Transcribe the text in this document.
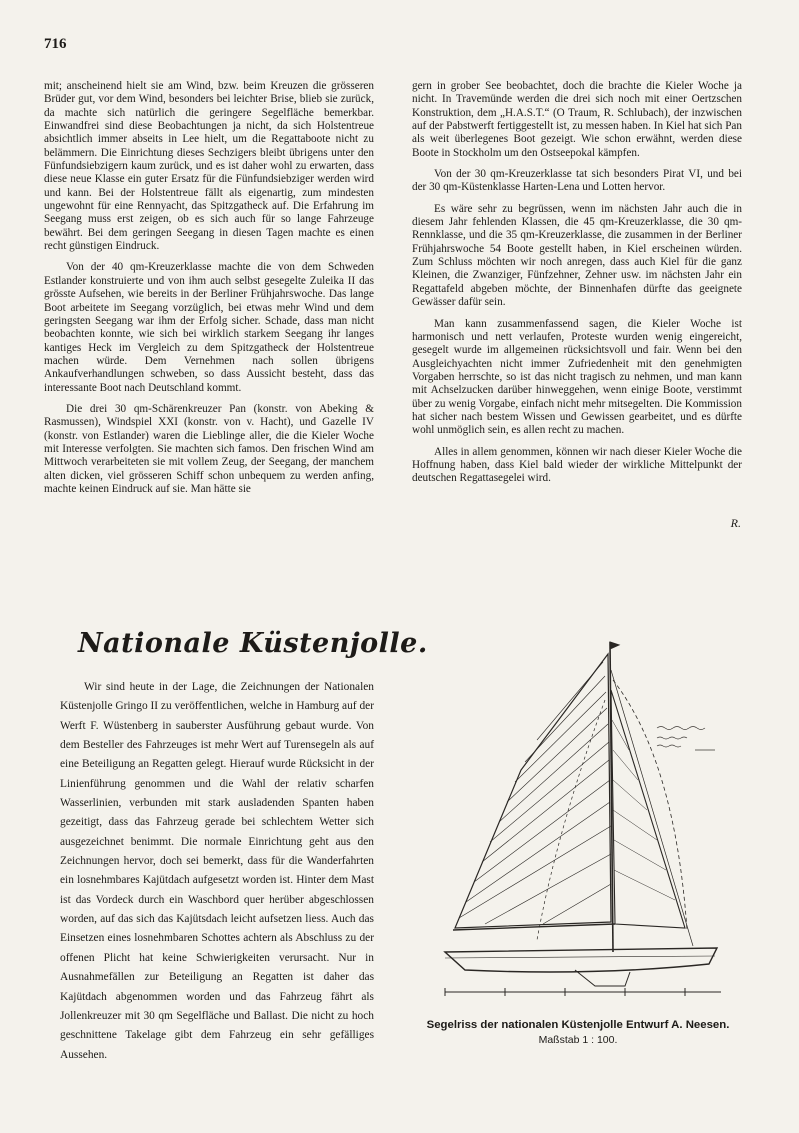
716

mit; anscheinend hielt sie am Wind, bzw. beim Kreuzen die grösseren Brüder gut, vor dem Wind, besonders bei leichter Brise, blieb sie zurück, da machte sich natürlich die geringere Segelfläche bemerkbar. Einwandfrei sind diese Beobachtungen ja nicht, da sich Holstentreue absichtlich immer abseits in Lee hielt, um die Regattaboote nicht zu belämmern. Die Einrichtung dieses Sechzigers bleibt übrigens unter den Fünfundsiebzigern kaum zurück, und es ist daher wohl zu erwarten, dass diese neue Klasse ein guter Ersatz für die Fünfundsiebziger werden wird und kann. Bei der Holstentreue fällt als eigenartig, zum mindesten ungewohnt für eine Rennyacht, das Spitzgatheck auf. Die Erfahrung im Seegang muss erst zeigen, ob es sich auch für so lange Fahrzeuge bewährt. Bei dem geringen Seegang in diesen Tagen machte es einen recht günstigen Eindruck.

Von der 40 qm-Kreuzerklasse machte die von dem Schweden Estlander konstruierte und von ihm auch selbst gesegelte Zuleika II das grösste Aufsehen, wie bereits in der Berliner Frühjahrswoche. Das lange Boot arbeitete im Seegang vorzüglich, bei etwas mehr Wind und dem geringsten Seegang war ihm der Erfolg sicher. Schade, dass man nicht beobachten konnte, wie sich bei wirklich starkem Seegang ihr langes kantiges Heck im Vergleich zu dem Spitzgatheck der Holstentreue machen würde. Dem Vernehmen nach sollen übrigens Ankaufverhandlungen schweben, so dass Aussicht besteht, dass das interessante Boot nach Deutschland kommt.

Die drei 30 qm-Schärenkreuzer Pan (konstr. von Abeking & Rasmussen), Windspiel XXI (konstr. von v. Hacht), und Gazelle IV (konstr. von Estlander) waren die Lieblinge aller, die die Kieler Woche mit Interesse verfolgten. Sie machten sich famos. Den frischen Wind am Mittwoch verarbeiteten sie mit vollem Zeug, der Seegang, der manchem alten dicken, viel grösseren Schiff schon unbequem zu werden anfing, machte keinen Eindruck auf sie. Man hätte sie

gern in grober See beobachtet, doch die brachte die Kieler Woche ja nicht. In Travemünde werden die drei sich noch mit einer Oertzschen Konstruktion, dem „H.A.S.T.“ (O Traum, R. Schlubach), der inzwischen auf der Pabstwerft fertiggestellt ist, zu messen haben. In Kiel hat sich Pan als weit überlegenes Boot gezeigt. Wie schon erwähnt, werden diese Boote in Stockholm um den Ostseepokal kämpfen.

Von der 30 qm-Kreuzerklasse tat sich besonders Pirat VI, und bei der 30 qm-Küstenklasse Harten-Lena und Lotten hervor.

Es wäre sehr zu begrüssen, wenn im nächsten Jahr auch die in diesem Jahr fehlenden Klassen, die 45 qm-Kreuzerklasse, die 30 qm-Rennklasse, und die 35 qm-Kreuzerklasse, die zusammen in der Berliner Frühjahrswoche 54 Boote gestellt haben, in Kiel erscheinen würden. Zum Schluss möchten wir noch anregen, dass auch Kiel für die ganz Kleinen, die Zwanziger, Fünfzehner, Zehner usw. im nächsten Jahr ein Regattafeld abgeben möchte, der Binnenhafen dürfte das geeignete Gewässer dafür sein.

Man kann zusammenfassend sagen, die Kieler Woche ist harmonisch und nett verlaufen, Proteste wurden wenig eingereicht, gesegelt wurde im allgemeinen rücksichtsvoll und fair. Wenn bei den Ausgleichyachten nicht immer Zufriedenheit mit den genehmigten Vorgaben herrschte, so ist das nicht tragisch zu nehmen, und man kann mit Achselzucken darüber hinweggehen, wenn einige Boote, verstimmt über zu wenig Vorgabe, einfach nicht mehr mitsegelten. Die Kommission hat sicher nach bestem Wissen und Gewissen gearbeitet, und es dürfte wohl unmöglich sein, es allen recht zu machen.

Alles in allem genommen, können wir nach dieser Kieler Woche die Hoffnung haben, dass Kiel bald wieder der wirkliche Mittelpunkt der deutschen Regattasegelei wird.

R.
Nationale Küstenjolle.

Wir sind heute in der Lage, die Zeichnungen der Nationalen Küstenjolle Gringo II zu veröffentlichen, welche in Hamburg auf der Werft F. Wüstenberg in sauberster Ausführung gebaut wurde. Von dem Besteller des Fahrzeuges ist mehr Wert auf Turensegeln als auf eine Beteiligung an Regatten gelegt. Hierauf wurde Rücksicht in der Linienführung genommen und die Wahl der relativ scharfen Wasserlinien, verbunden mit stark ausladenden Spanten haben gezeitigt, dass das Fahrzeug gerade bei schlechtem Wetter sich ausgezeichnet benimmt. Die normale Einrichtung geht aus den Zeichnungen hervor, doch sei bemerkt, dass für die Wanderfahrten ein losnehmbares Kajütdach aufgesetzt worden ist. Hinter dem Mast ist das Vordeck durch ein Waschbord quer herüber abgeschlossen worden, auf das sich das Kajütsdach leicht aufsetzen liess. Auch das Einsetzen eines losnehmbaren Schottes achtern als Abschluss zu der offenen Plicht hat keine Schwierigkeiten verursacht. Nur in Ausnahmefällen zur Beteiligung an Regatten ist daher das Kajütdach abgenommen worden und das Fahrzeug fährt als Jollenkreuzer mit 30 qm Segelfläche und Ballast. Die nicht zu hoch geschnittene Takelage gibt dem Fahrzeug ein sehr gefälliges Aussehen.

Segelriss der nationalen Küstenjolle Entwurf A. Neesen.
Maßstab 1 : 100.
